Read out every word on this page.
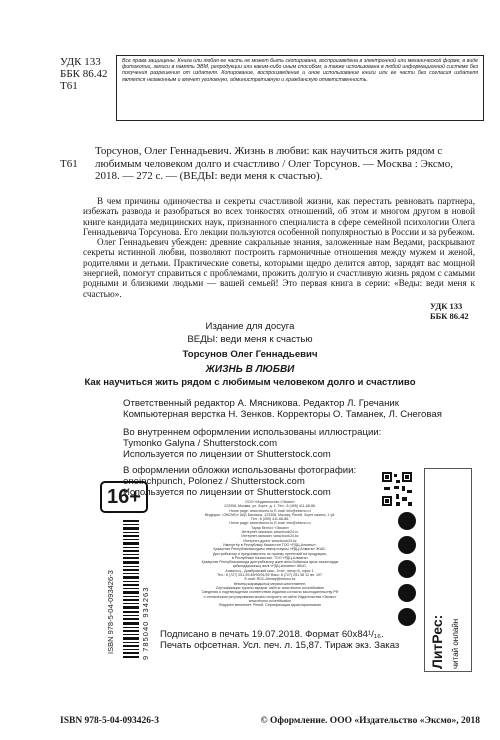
УДК 133
ББК 86.42
Т61
Все права защищены. Книга или любая ее часть не может быть скопирована, воспроизведена в электронной или механической форме, в виде фотокопии, записи в память ЭВМ, репродукции или каким-либо иным способом, а также использована в любой информационной системе без получения разрешения от издателя. Копирование, воспроизведение и иное использование книги или ее части без согласия издателя является незаконным и влечет уголовную, административную и гражданскую ответственность.
Т61
Торсунов, Олег Геннадьевич. Жизнь в любви: как научиться жить рядом с любимым человеком долго и счастливо / Олег Торсунов. — Москва : Эксмо, 2018. — 272 с. — (ВЕДЫ: веди меня к счастью).

В чем причины одиночества и секреты счастливой жизни, как перестать ревновать партнера, избежать развода и разобраться во всех тонкостях отношений, об этом и многом другом в новой книге кандидата медицинских наук, признанного специалиста в сфере семейной психологии Олега Геннадьевича Торсунова. Его лекции пользуются особенной популярностью в России и за рубежом.

Олег Геннадьевич убежден: древние сакральные знания, заложенные нам Ведами, раскрывают секреты истинной любви, позволяют построить гармоничные отношения между мужем и женой, родителями и детьми. Практические советы, которыми щедро делится автор, зарядят вас мощной энергией, помогут справиться с проблемами, прожить долгую и счастливую жизнь рядом с самыми родными и близкими людьми — вашей семьей! Это первая книга в серии: «Веды: веди меня к счастью».

УДК 133
ББК 86.42
Издание для досуга
ВЕДЫ: веди меня к счастью
Торсунов Олег Геннадьевич
ЖИЗНЬ В ЛЮБВИ
Как научиться жить рядом с любимым человеком долго и счастливо
Ответственный редактор А. Мясникова. Редактор Л. Гречаник
Компьютерная верстка Н. Зенков. Корректоры О. Таманек, Л. Снеговая
Во внутреннем оформлении использованы иллюстрации:
Tymonko Galyna / Shutterstock.com
Используется по лицензии от Shutterstock.com
В оформлении обложки использованы фотографии:
oneinchpunch, Polonez / Shutterstock.com
Используется по лицензии от Shutterstock.com
16+	ООО «Издательство «Эксмо»
123308, Москва, ул. Зорге, д. 1. Тел.: 8 (495) 411-68-86.
Home page: www.eksmo.ru E-mail: info@eksmo.ru
Өндіруші: «ЭКСМО» АҚБ Баспасы, 123308, Мәскеу, Ресей, Зорге көшесі, 1 үй.
Тел.: 8 (495) 411-68-86.
Home page: www.eksmo.ru E-mail: info@eksmo.ru
Тауар белгісі: «Эксмо»
Интернет-магазин: www.book24.ru
Интернет-магазин: www.book24.kz
Интернет-дүкен: www.book24.kz
Импортёр в Республику Казахстан ТОО «РДЦ-Алматы».
Қазақстан Республикасындағы импорттаушы «РДЦ-Алматы» ЖШС.
Дистрибьютор и представитель по приему претензий на продукцию,
в Республике Казахстан: ТОО «РДЦ-Алматы»
Қазақстан Республикасында дистрибьютор және өнім бойынша арыз-талаптарды
қабылдаушының өкілі «РДЦ-Алматы» ЖШС,
Алматы қ., Домбровский көш., 3«а», литер Б, офис 1.
Тел.: 8 (727) 251-59-89/90/91/92 Факс: 8 (727) 251 58 12 вн. 107.
E-mail: RDC-Almaty@eksmo.kz
Өнімнің жарамдылық мерзімі шектелмеген.
Сертификация туралы ақпарат сайтта: www.eksmo.ru/certification
Сведения о подтверждении соответствия издания согласно законодательству РФ
о техническом регулировании можно получить на сайте Издательства «Эксмо»
www.eksmo.ru/certification
Өндірген мемлекет: Ресей. Сертификация қарастырылмаған
ISBN 978-5-04-093426-3	9 785040 934263	ЛитРес: читай онлайн
Подписано в печать 19.07.2018. Формат 60х84¹/₁₆.
Печать офсетная. Усл. печ. л. 15,87. Тираж экз. Заказ
ISBN 978-5-04-093426-3	© Оформление. ООО «Издательство «Эксмо», 2018
